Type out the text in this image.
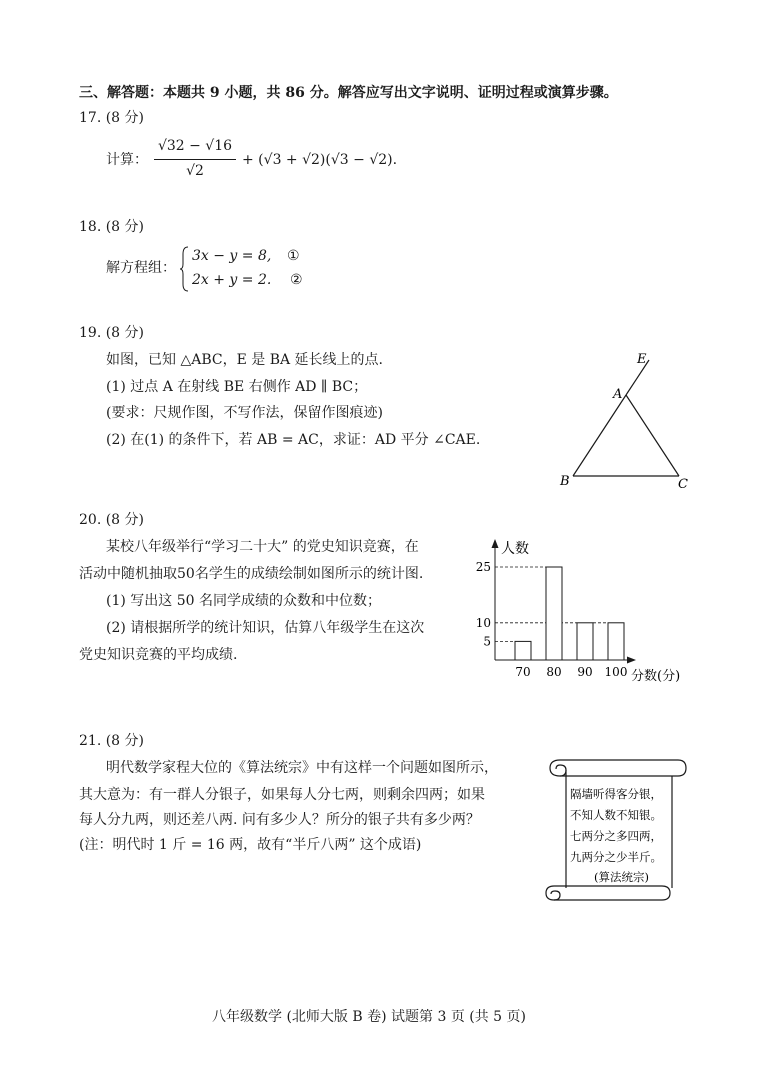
三、解答题：本题共 9 小题，共 86 分。解答应写出文字说明、证明过程或演算步骤。
17. (8 分)
计算：
√32 − √16
√2
+ (√3 + √2)(√3 − √2).
18. (8 分)
解方程组：
3x − y = 8, ①
2x + y = 2. ②
19. (8 分)
如图，已知 △ABC，E 是 BA 延长线上的点.
(1) 过点 A 在射线 BE 右侧作 AD ∥ BC；
(要求：尺规作图，不写作法，保留作图痕迹)
(2) 在(1) 的条件下，若 AB = AC，求证：AD 平分 ∠CAE.
E
A
B	C
20. (8 分)
某校八年级举行“学习二十大” 的党史知识竞赛，在
活动中随机抽取50名学生的成绩绘制如图所示的统计图.
(1) 写出这 50 名同学成绩的众数和中位数；
(2) 请根据所学的统计知识，估算八年级学生在这次
党史知识竞赛的平均成绩.
人数
分数(分)
5
10
25
70 80 90 100
21. (8 分)
明代数学家程大位的《算法统宗》中有这样一个问题如图所示，
其大意为：有一群人分银子，如果每人分七两，则剩余四两；如果
每人分九两，则还差八两. 问有多少人？所分的银子共有多少两？
(注：明代时 1 斤 = 16 两，故有“半斤八两” 这个成语)
隔墙听得客分银，
不知人数不知银。
七两分之多四两，
九两分之少半斤。
(算法统宗)
八年级数学 (北师大版 B 卷) 试题第 3 页 (共 5 页)
